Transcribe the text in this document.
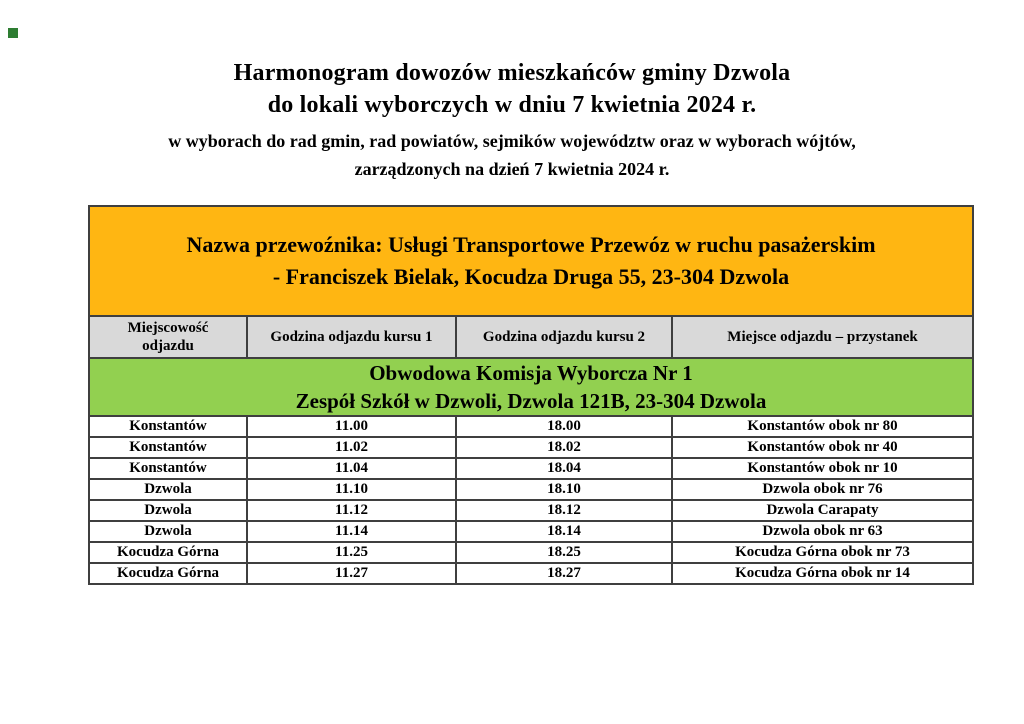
Harmonogram dowozów mieszkańców gminy Dzwola
do lokali wyborczych w dniu 7 kwietnia 2024 r.
w wyborach do rad gmin, rad powiatów, sejmików województw oraz w wyborach wójtów,
zarządzonych na dzień 7 kwietnia 2024 r.
Nazwa przewoźnika: Usługi Transportowe Przewóz w ruchu pasażerskim
- Franciszek Bielak, Kocudza Druga 55, 23-304 Dzwola			

Miejscowość odjazdu	Godzina odjazdu kursu 1	Godzina odjazdu kursu 2	Miejsce odjazdu – przystanek

Obwodowa Komisja Wyborcza Nr 1
Zespół Szkół w Dzwoli, Dzwola 121B, 23-304 Dzwola			

Konstantów	11.00	18.00	Konstantów obok nr 80
Konstantów	11.02	18.02	Konstantów obok nr 40
Konstantów	11.04	18.04	Konstantów obok nr 10
Dzwola	11.10	18.10	Dzwola obok nr 76
Dzwola	11.12	18.12	Dzwola Carapaty
Dzwola	11.14	18.14	Dzwola obok nr 63
Kocudza Górna	11.25	18.25	Kocudza Górna obok nr 73
Kocudza Górna	11.27	18.27	Kocudza Górna obok nr 14
